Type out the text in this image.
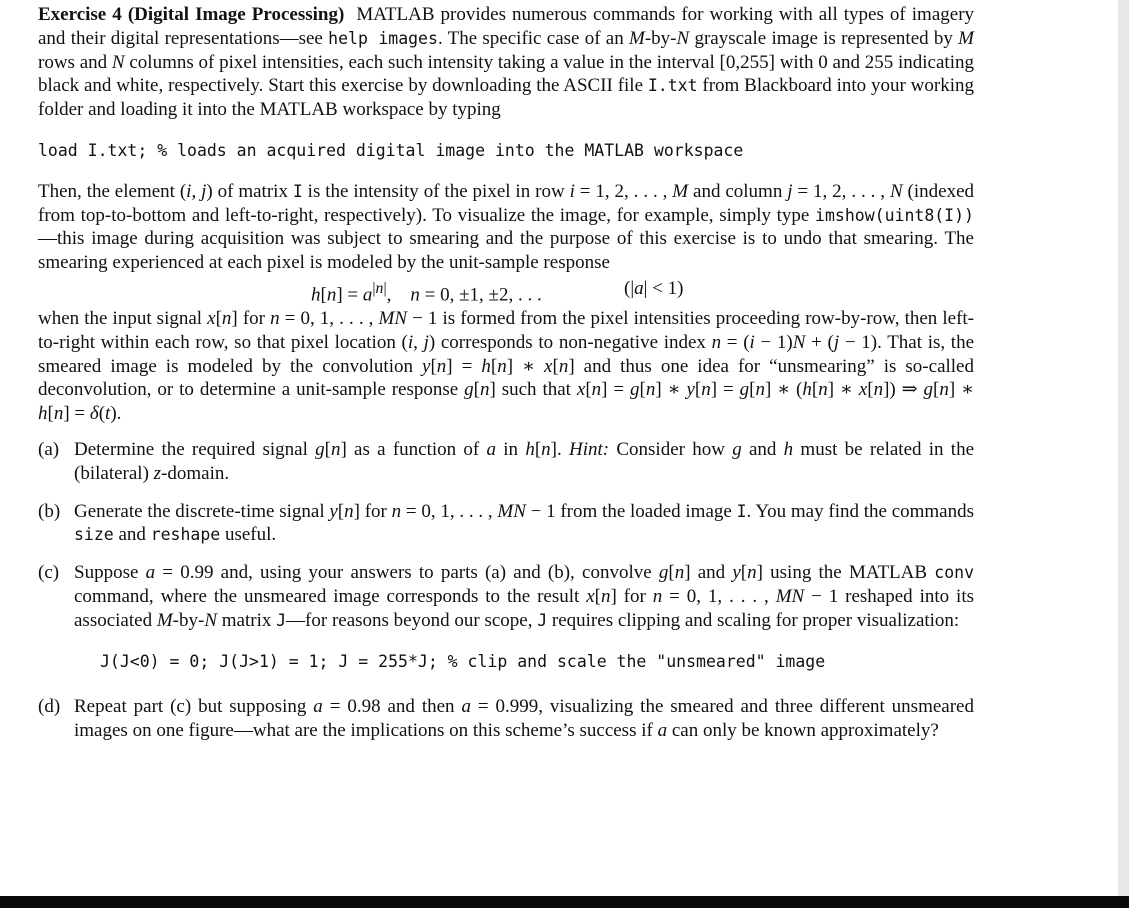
Exercise 4 (Digital Image Processing) MATLAB provides numerous commands for working with all types of imagery and their digital representations—see help images. The specific case of an M-by-N grayscale image is represented by M rows and N columns of pixel intensities, each such intensity taking a value in the interval [0,255] with 0 and 255 indicating black and white, respectively. Start this exercise by downloading the ASCII file I.txt from Blackboard into your working folder and loading it into the MATLAB workspace by typing

load I.txt; % loads an acquired digital image into the MATLAB workspace

Then, the element (i, j) of matrix I is the intensity of the pixel in row i = 1, 2, . . . , M and column j = 1, 2, . . . , N (indexed from top-to-bottom and left-to-right, respectively). To visualize the image, for example, simply type imshow(uint8(I))—this image during acquisition was subject to smearing and the purpose of this exercise is to undo that smearing. The smearing experienced at each pixel is modeled by the unit-sample response

$h[n] = a^{|n|}$,    n = 0, ±1, ±2, . . .	(|a| < 1)

when the input signal x[n] for n = 0, 1, . . . , MN − 1 is formed from the pixel intensities proceeding row-by-row, then left-to-right within each row, so that pixel location (i, j) corresponds to non-negative index n = (i − 1)N + (j − 1). That is, the smeared image is modeled by the convolution y[n] = h[n] ∗ x[n] and thus one idea for “unsmearing” is so-called deconvolution, or to determine a unit-sample response g[n] such that x[n] = g[n] ∗ y[n] = g[n] ∗ (h[n] ∗ x[n]) ⇒ g[n] ∗ h[n] = δ(t).

(a) Determine the required signal g[n] as a function of a in h[n]. Hint: Consider how g and h must be related in the (bilateral) z-domain.
(b) Generate the discrete-time signal y[n] for n = 0, 1, . . . , MN − 1 from the loaded image I. You may find the commands size and reshape useful.
(c) Suppose a = 0.99 and, using your answers to parts (a) and (b), convolve g[n] and y[n] using the MATLAB conv command, where the unsmeared image corresponds to the result x[n] for n = 0, 1, . . . , MN − 1 reshaped into its associated M-by-N matrix J—for reasons beyond our scope, J requires clipping and scaling for proper visualization:
J(J<0) = 0; J(J>1) = 1; J = 255*J; % clip and scale the "unsmeared" image
(d) Repeat part (c) but supposing a = 0.98 and then a = 0.999, visualizing the smeared and three different unsmeared images on one figure—what are the implications on this scheme’s success if a can only be known approximately?
